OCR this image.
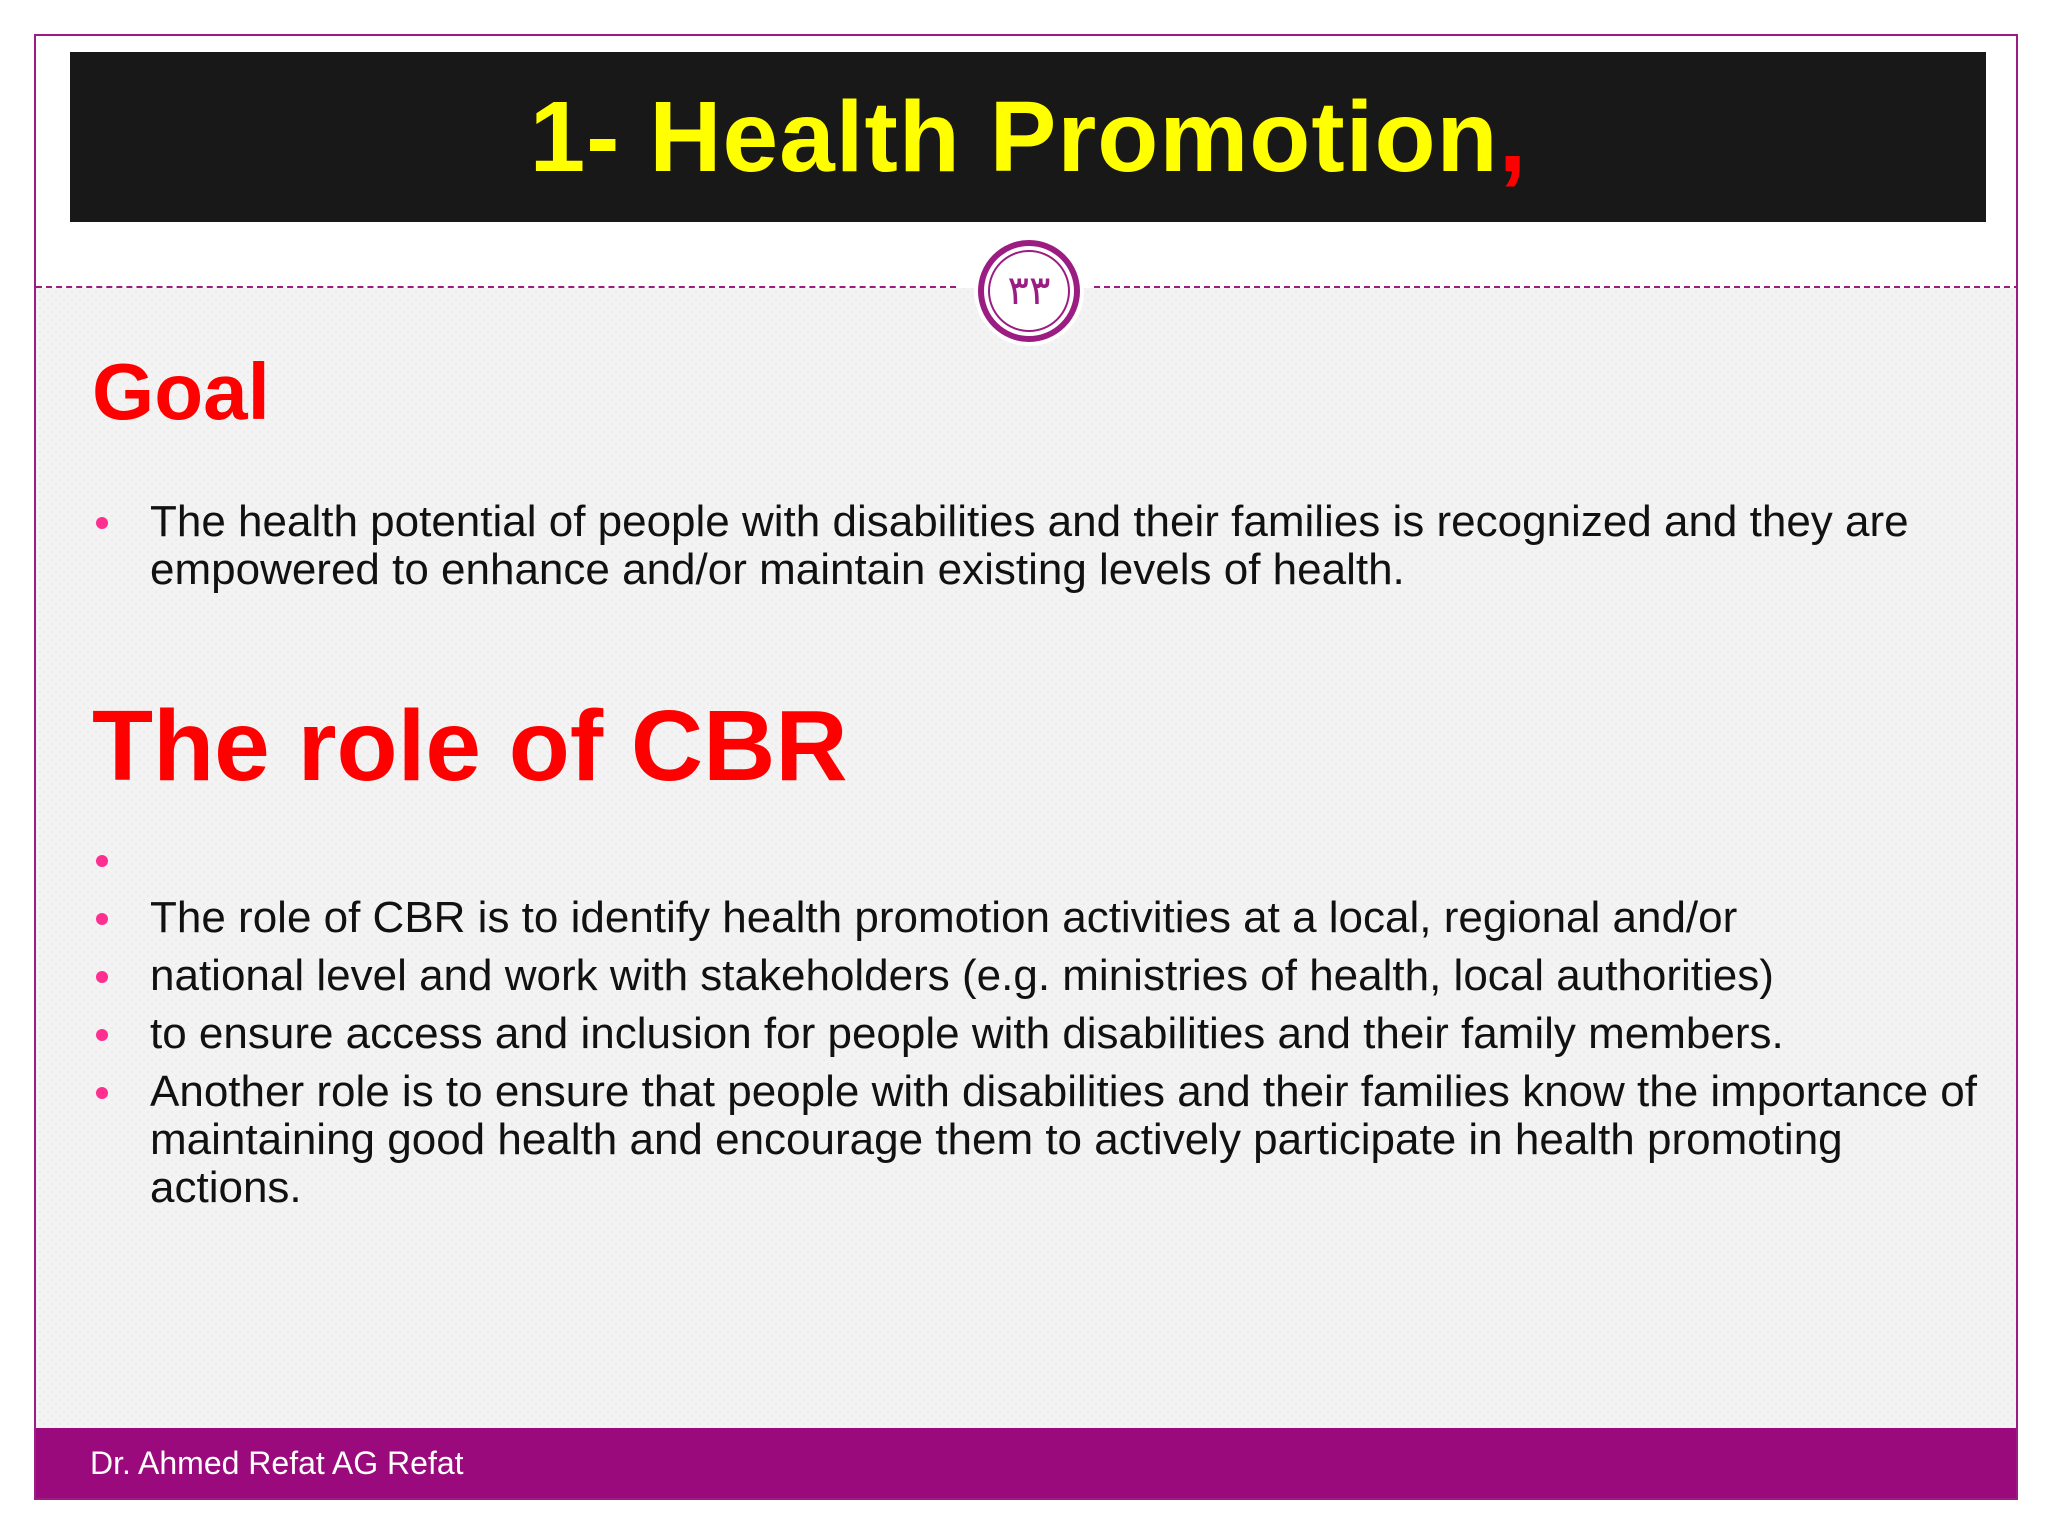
1- Health Promotion ,
٣٣
Goal
The health potential of people with disabilities and their families is recognized and they are empowered to enhance and/or maintain existing levels of health.
The role of CBR
The role of CBR is to identify health promotion activities at a local, regional and/or
national level and work with stakeholders (e.g. ministries of health, local authorities)
to ensure access and inclusion for people with disabilities and their family members.
Another role is to ensure that people with disabilities and their families know the importance of maintaining good health and encourage them to actively participate in health promoting actions.
Dr. Ahmed Refat AG Refat
